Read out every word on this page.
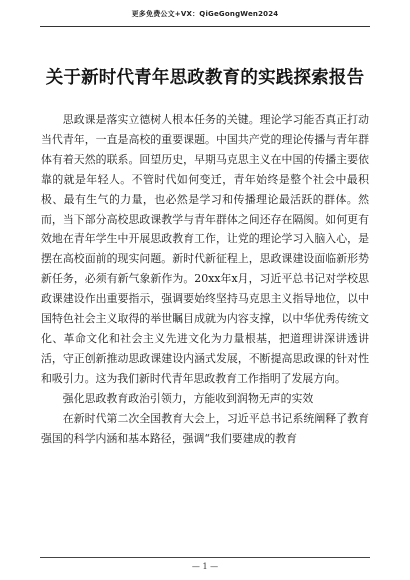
更多免费公文+VX：QiGeGongWen2024
关于新时代青年思政教育的实践探索报告

思政课是落实立德树人根本任务的关键。理论学习能否真正打动当代青年，一直是高校的重要课题。中国共产党的理论传播与青年群体有着天然的联系。回望历史，早期马克思主义在中国的传播主要依靠的就是年轻人。不管时代如何变迁，青年始终是整个社会中最积极、最有生气的力量，也必然是学习和传播理论最活跃的群体。然而，当下部分高校思政课教学与青年群体之间还存在隔阂。如何更有效地在青年学生中开展思政教育工作，让党的理论学习入脑入心，是摆在高校面前的现实问题。新时代新征程上，思政课建设面临新形势新任务，必须有新气象新作为。20xx年x月，习近平总书记对学校思政课建设作出重要指示，强调要始终坚持马克思主义指导地位，以中国特色社会主义取得的举世瞩目成就为内容支撑，以中华优秀传统文化、革命文化和社会主义先进文化为力量根基，把道理讲深讲透讲活，守正创新推动思政课建设内涵式发展，不断提高思政课的针对性和吸引力。这为我们新时代青年思政教育工作指明了发展方向。

强化思政教育政治引领力，方能收到润物无声的实效

在新时代第二次全国教育大会上，习近平总书记系统阐释了教育强国的科学内涵和基本路径，强调“我们要建成的教育

— 1 —
